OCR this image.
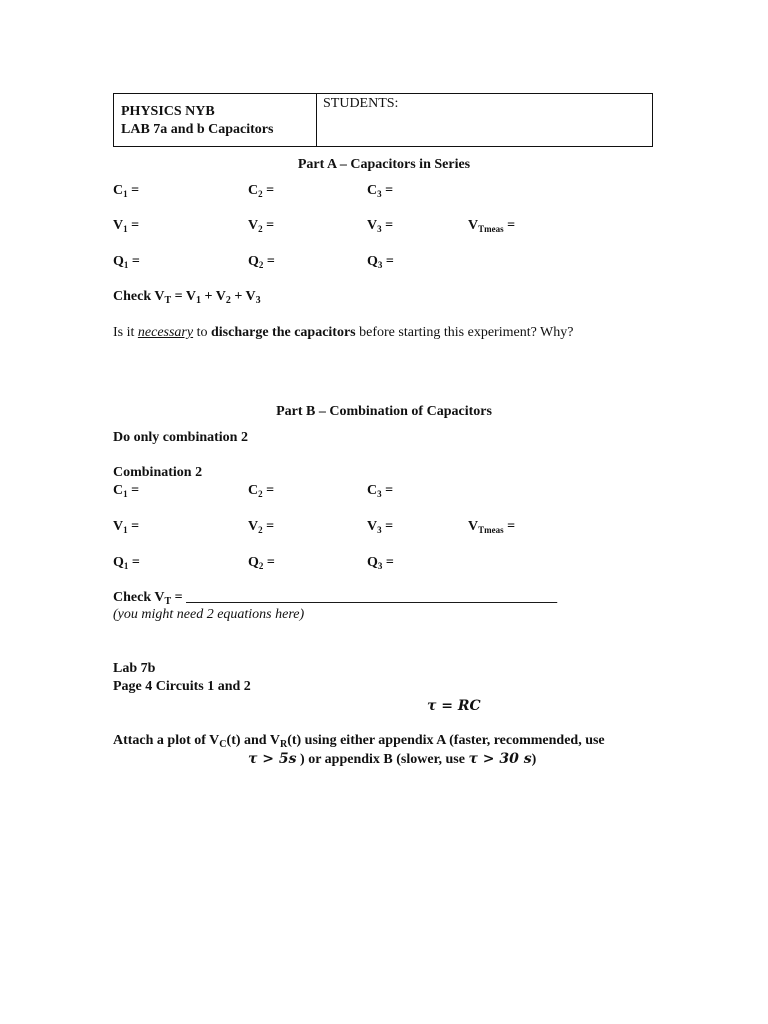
PHYSICS NYB
LAB 7a and b Capacitors
STUDENTS:
Part A – Capacitors in Series
$C_1$ =	$C_2$ =	$C_3$ =
$V_1$ =	$V_2$ =	$V_3$ =	$V_{Tmeas}$ =
$Q_1$ =	$Q_2$ =	$Q_3$ =
Check $V_T = V_1 + V_2 + V_3$
Is it necessary to discharge the capacitors before starting this experiment? Why?
Part B – Combination of Capacitors
Do only combination 2
Combination 2
$C_1$ =	$C_2$ =	$C_3$ =
$V_1$ =	$V_2$ =	$V_3$ =	$V_{Tmeas}$ =
$Q_1$ =	$Q_2$ =	$Q_3$ =
Check $V_T$ = _____________________________________________________
(you might need 2 equations here)
Lab 7b
Page 4 Circuits 1 and 2
τ = RC
Attach a plot of $V_C(t)$ and $V_R(t)$ using either appendix A (faster, recommended, use
τ > 5s ) or appendix B (slower, use τ > 30 s)
